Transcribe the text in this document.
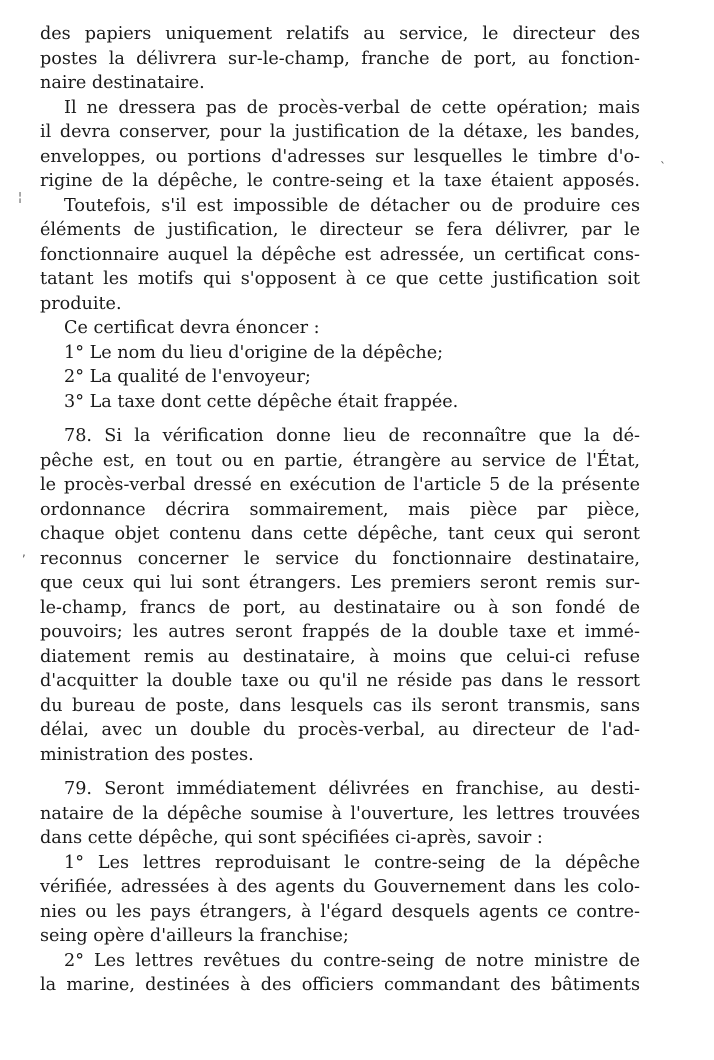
des papiers uniquement relatifs au service, le directeur des
postes la délivrera sur-le-champ, franche de port, au fonction-
naire destinataire.
Il ne dressera pas de procès-verbal de cette opération; mais
il devra conserver, pour la justification de la détaxe, les bandes,
enveloppes, ou portions d'adresses sur lesquelles le timbre d'o-
rigine de la dépêche, le contre-seing et la taxe étaient apposés.
Toutefois, s'il est impossible de détacher ou de produire ces
éléments de justification, le directeur se fera délivrer, par le
fonctionnaire auquel la dépêche est adressée, un certificat cons-
tatant les motifs qui s'opposent à ce que cette justification soit
produite.
Ce certificat devra énoncer :
1° Le nom du lieu d'origine de la dépêche;
2° La qualité de l'envoyeur;
3° La taxe dont cette dépêche était frappée.
78. Si la vérification donne lieu de reconnaître que la dé-
pêche est, en tout ou en partie, étrangère au service de l'État,
le procès-verbal dressé en exécution de l'article 5 de la présente
ordonnance décrira sommairement, mais pièce par pièce,
chaque objet contenu dans cette dépêche, tant ceux qui seront
reconnus concerner le service du fonctionnaire destinataire,
que ceux qui lui sont étrangers. Les premiers seront remis sur-
le-champ, francs de port, au destinataire ou à son fondé de
pouvoirs; les autres seront frappés de la double taxe et immé-
diatement remis au destinataire, à moins que celui-ci refuse
d'acquitter la double taxe ou qu'il ne réside pas dans le ressort
du bureau de poste, dans lesquels cas ils seront transmis, sans
délai, avec un double du procès-verbal, au directeur de l'ad-
ministration des postes.
79. Seront immédiatement délivrées en franchise, au desti-
nataire de la dépêche soumise à l'ouverture, les lettres trouvées
dans cette dépêche, qui sont spécifiées ci-après, savoir :
1° Les lettres reproduisant le contre-seing de la dépêche
vérifiée, adressées à des agents du Gouvernement dans les colo-
nies ou les pays étrangers, à l'égard desquels agents ce contre-
seing opère d'ailleurs la franchise;
2° Les lettres revêtues du contre-seing de notre ministre de
la marine, destinées à des officiers commandant des bâtiments
ˋ
¦
,
